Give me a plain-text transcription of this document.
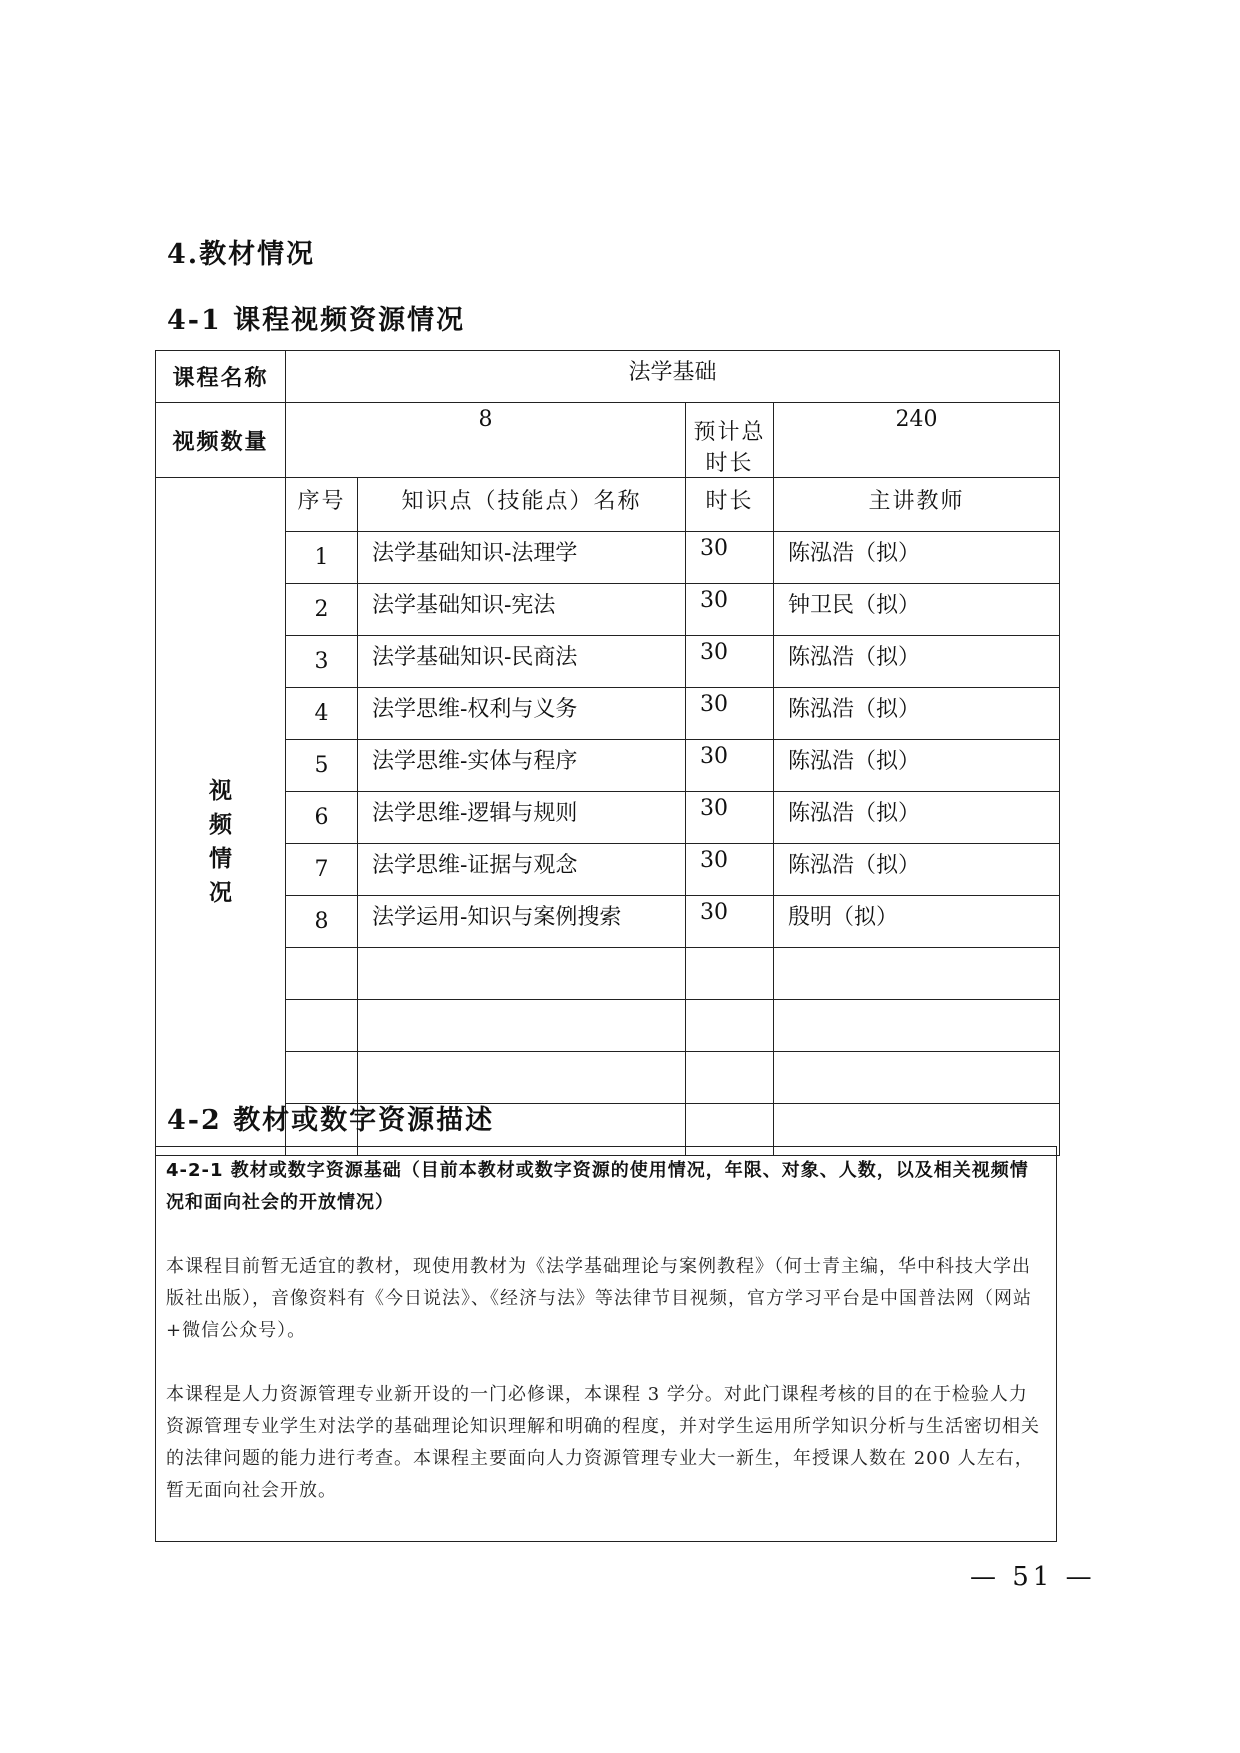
4.教材情况
4-1 课程视频资源情况
课程名称	法学基础			
视频数量	8		预计总时长	240

视频情况	序号	知识点（技能点）名称	时长	主讲教师
	1	法学基础知识-法理学	30	陈泓浩（拟）
	2	法学基础知识-宪法	30	钟卫民（拟）
	3	法学基础知识-民商法	30	陈泓浩（拟）
	4	法学思维-权利与义务	30	陈泓浩（拟）
	5	法学思维-实体与程序	30	陈泓浩（拟）
	6	法学思维-逻辑与规则	30	陈泓浩（拟）
	7	法学思维-证据与观念	30	陈泓浩（拟）
	8	法学运用-知识与案例搜索	30	殷明（拟）

4-2 教材或数字资源描述
4-2-1 教材或数字资源基础（目前本教材或数字资源的使用情况，年限、对象、人数，以及相关视频情况和面向社会的开放情况）
本课程目前暂无适宜的教材，现使用教材为《法学基础理论与案例教程》（何士青主编，华中科技大学出版社出版），音像资料有《今日说法》、《经济与法》等法律节目视频，官方学习平台是中国普法网（网站+微信公众号）。
本课程是人力资源管理专业新开设的一门必修课，本课程 3 学分。对此门课程考核的目的在于检验人力资源管理专业学生对法学的基础理论知识理解和明确的程度，并对学生运用所学知识分析与生活密切相关的法律问题的能力进行考查。本课程主要面向人力资源管理专业大一新生，年授课人数在 200 人左右，暂无面向社会开放。
— 51 —
